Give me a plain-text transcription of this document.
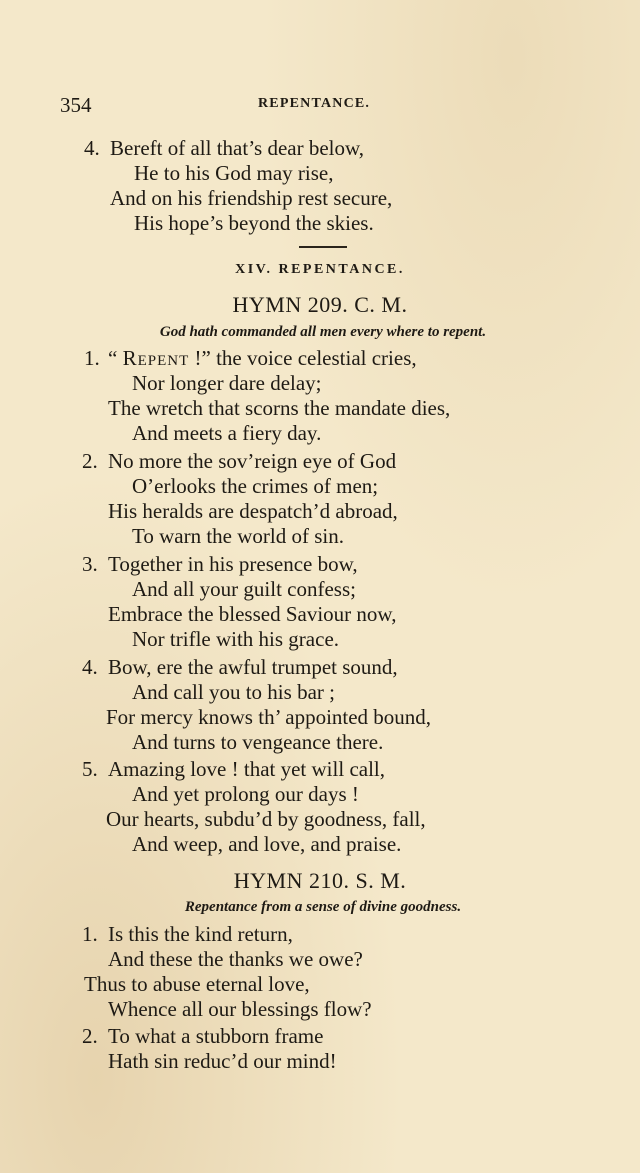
354	REPENTANCE.
4. Bereft of all that’s dear below,
He to his God may rise,
And on his friendship rest secure,
His hope’s beyond the skies.
XIV. REPENTANCE.
HYMN 209. C. M.
God hath commanded all men every where to repent.
1. “ Repent !” the voice celestial cries,
Nor longer dare delay;
The wretch that scorns the mandate dies,
And meets a fiery day.
2. No more the sov’reign eye of God
O’erlooks the crimes of men;
His heralds are despatch’d abroad,
To warn the world of sin.
3. Together in his presence bow,
And all your guilt confess;
Embrace the blessed Saviour now,
Nor trifle with his grace.
4. Bow, ere the awful trumpet sound,
And call you to his bar ;
For mercy knows th’ appointed bound,
And turns to vengeance there.
5. Amazing love ! that yet will call,
And yet prolong our days !
Our hearts, subdu’d by goodness, fall,
And weep, and love, and praise.
HYMN 210. S. M.
Repentance from a sense of divine goodness.
1. Is this the kind return,
And these the thanks we owe?
Thus to abuse eternal love,
Whence all our blessings flow?
2. To what a stubborn frame
Hath sin reduc’d our mind!
